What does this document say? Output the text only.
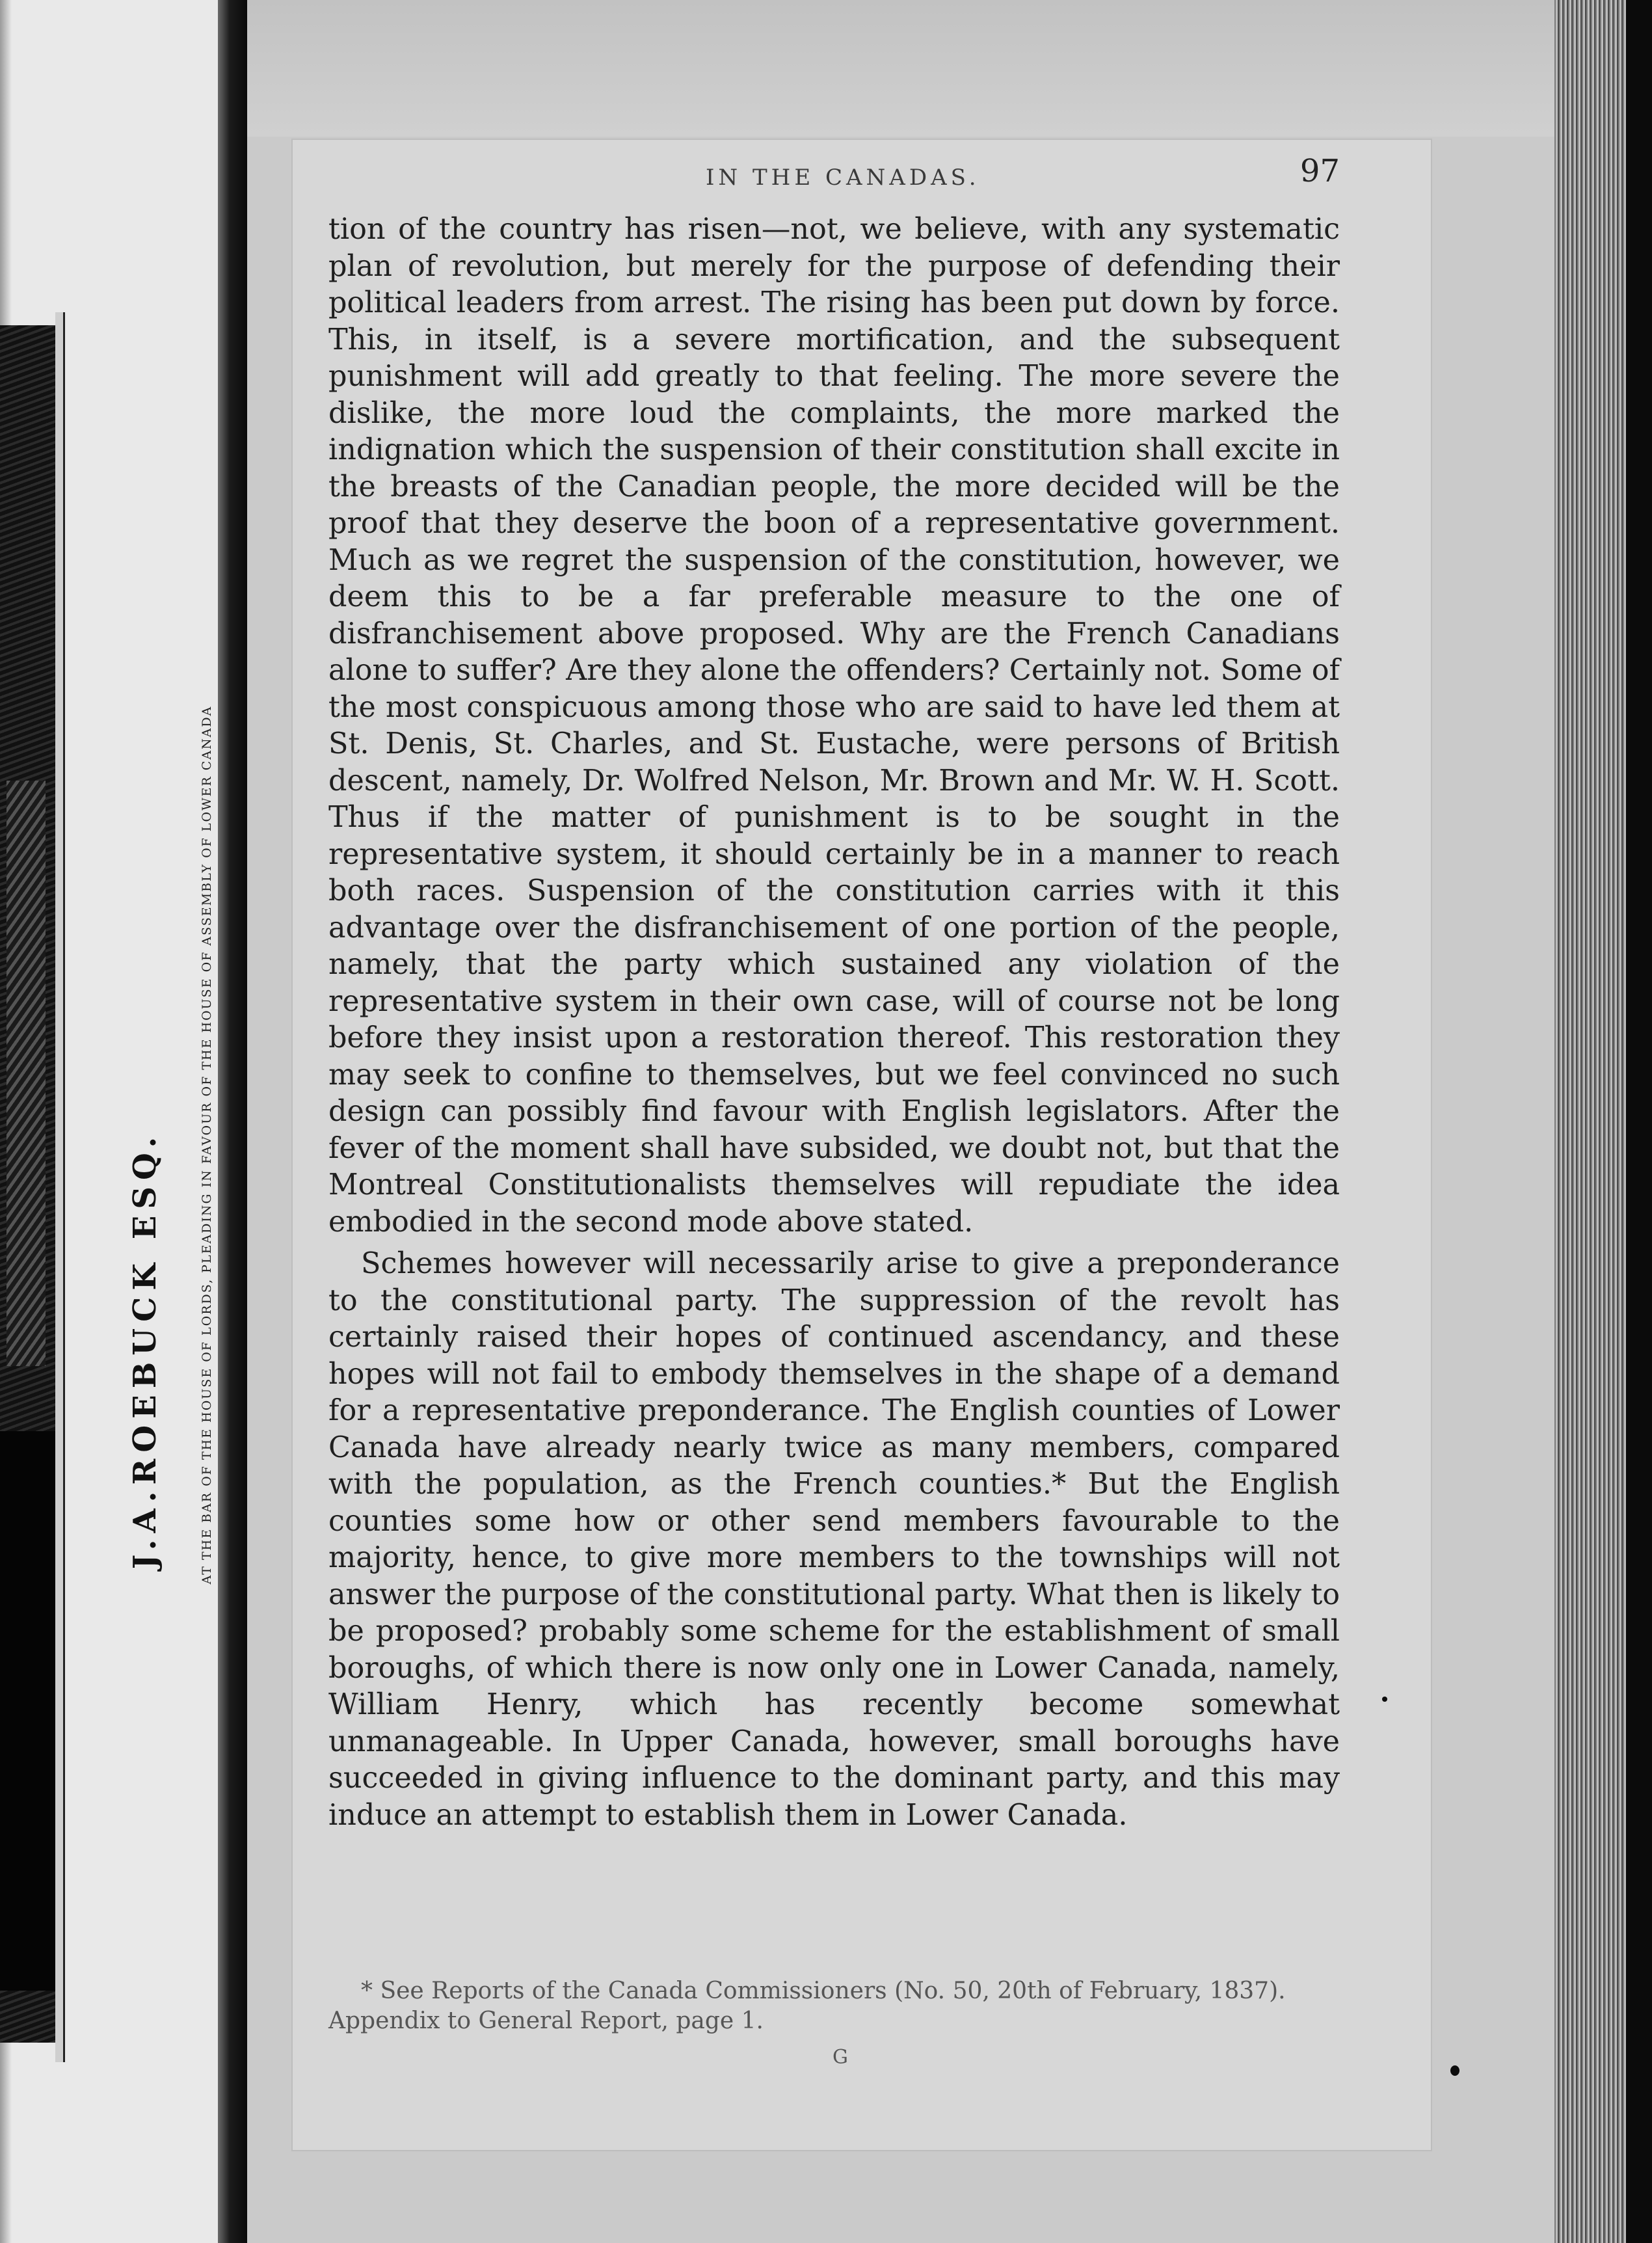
J.A.ROEBUCK ESQ.	AT THE BAR OF THE HOUSE OF LORDS, PLEADING IN FAVOUR OF THE HOUSE OF ASSEMBLY OF LOWER CANADA
IN THE CANADAS.	97

tion of the country has risen—not, we believe, with any systematic plan of revolution, but merely for the purpose of defending their political leaders from arrest. The rising has been put down by force. This, in itself, is a severe mortification, and the subsequent punishment will add greatly to that feeling. The more severe the dislike, the more loud the complaints, the more marked the indignation which the suspension of their constitution shall excite in the breasts of the Canadian people, the more decided will be the proof that they deserve the boon of a representative government. Much as we regret the suspension of the constitution, however, we deem this to be a far preferable measure to the one of disfranchisement above proposed. Why are the French Canadians alone to suffer? Are they alone the offenders? Certainly not. Some of the most conspicuous among those who are said to have led them at St. Denis, St. Charles, and St. Eustache, were persons of British descent, namely, Dr. Wolfred Nelson, Mr. Brown and Mr. W. H. Scott. Thus if the matter of punishment is to be sought in the representative system, it should certainly be in a manner to reach both races. Suspension of the constitution carries with it this advantage over the disfranchisement of one portion of the people, namely, that the party which sustained any violation of the representative system in their own case, will of course not be long before they insist upon a restoration thereof. This restoration they may seek to confine to themselves, but we feel convinced no such design can possibly find favour with English legislators. After the fever of the moment shall have subsided, we doubt not, but that the Montreal Constitutionalists themselves will repudiate the idea embodied in the second mode above stated.

Schemes however will necessarily arise to give a preponderance to the constitutional party. The suppression of the revolt has certainly raised their hopes of continued ascendancy, and these hopes will not fail to embody themselves in the shape of a demand for a representative preponderance. The English counties of Lower Canada have already nearly twice as many members, compared with the population, as the French counties.* But the English counties some how or other send members favourable to the majority, hence, to give more members to the townships will not answer the purpose of the constitutional party. What then is likely to be proposed? probably some scheme for the establishment of small boroughs, of which there is now only one in Lower Canada, namely, William Henry, which has recently become somewhat unmanageable. In Upper Canada, however, small boroughs have succeeded in giving influence to the dominant party, and this may induce an attempt to establish them in Lower Canada.

* See Reports of the Canada Commissioners (No. 50, 20th of February, 1837). Appendix to General Report, page 1.
G
